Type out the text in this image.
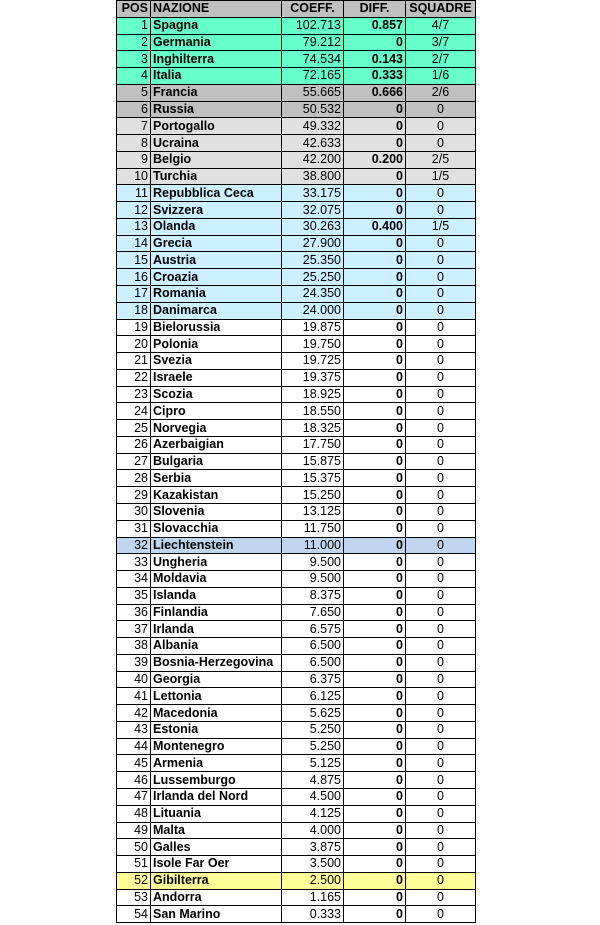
POS	NAZIONE	COEFF.	DIFF.	SQUADRE
1	Spagna	102.713	0.857	4/7
2	Germania	79.212	0	3/7
3	Inghilterra	74.534	0.143	2/7
4	Italia	72.165	0.333	1/6
5	Francia	55.665	0.666	2/6
6	Russia	50.532	0	0
7	Portogallo	49.332	0	0
8	Ucraina	42.633	0	0
9	Belgio	42.200	0.200	2/5
10	Turchia	38.800	0	1/5
11	Repubblica Ceca	33.175	0	0
12	Svizzera	32.075	0	0
13	Olanda	30.263	0.400	1/5
14	Grecia	27.900	0	0
15	Austria	25.350	0	0
16	Croazia	25.250	0	0
17	Romania	24.350	0	0
18	Danimarca	24.000	0	0
19	Bielorussia	19.875	0	0
20	Polonia	19.750	0	0
21	Svezia	19.725	0	0
22	Israele	19.375	0	0
23	Scozia	18.925	0	0
24	Cipro	18.550	0	0
25	Norvegia	18.325	0	0
26	Azerbaigian	17.750	0	0
27	Bulgaria	15.875	0	0
28	Serbia	15.375	0	0
29	Kazakistan	15.250	0	0
30	Slovenia	13.125	0	0
31	Slovacchia	11.750	0	0
32	Liechtenstein	11.000	0	0
33	Ungheria	9.500	0	0
34	Moldavia	9.500	0	0
35	Islanda	8.375	0	0
36	Finlandia	7.650	0	0
37	Irlanda	6.575	0	0
38	Albania	6.500	0	0
39	Bosnia-Herzegovina	6.500	0	0
40	Georgia	6.375	0	0
41	Lettonia	6.125	0	0
42	Macedonia	5.625	0	0
43	Estonia	5.250	0	0
44	Montenegro	5.250	0	0
45	Armenia	5.125	0	0
46	Lussemburgo	4.875	0	0
47	Irlanda del Nord	4.500	0	0
48	Lituania	4.125	0	0
49	Malta	4.000	0	0
50	Galles	3.875	0	0
51	Isole Far Oer	3.500	0	0
52	Gibilterra	2.500	0	0
53	Andorra	1.165	0	0
54	San Marino	0.333	0	0
